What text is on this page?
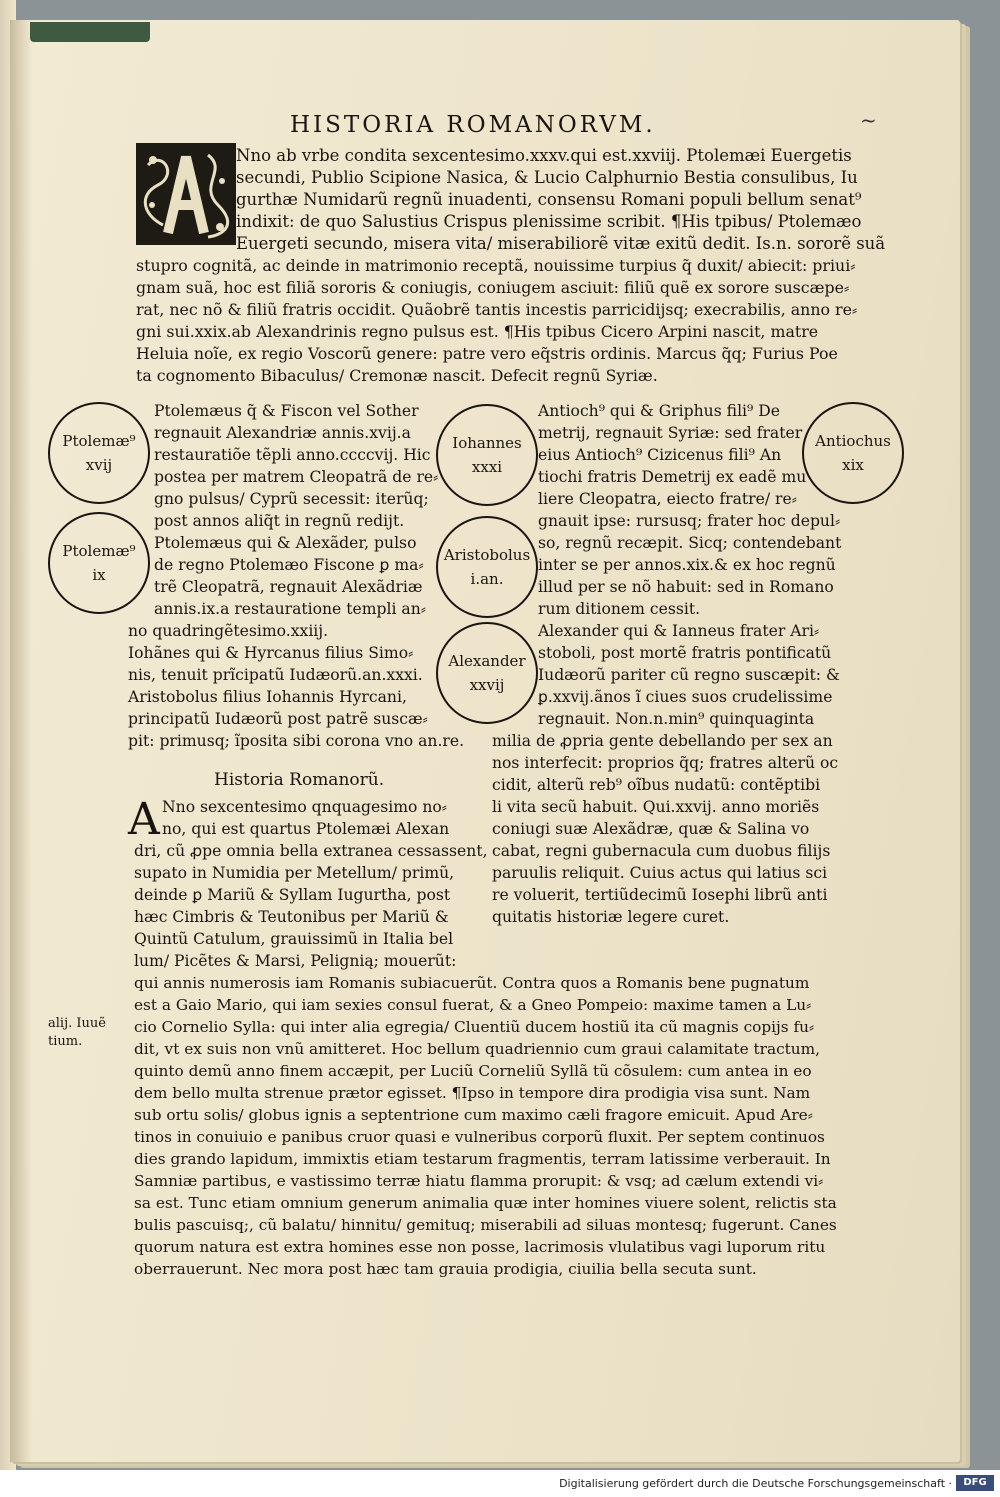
HISTORIA ROMANORVM.	~
Nno ab vrbe condita sexcentesimo.xxxv.qui est.xxviij. Ptolemæi Euergetis
secundi, Publio Scipione Nasica, & Lucio Calphurnio Bestia consulibus, Iu
gurthæ Numidarũ regnũ inuadenti, consensu Romani populi bellum senat⁹
indixit: de quo Salustius Crispus plenissime scribit. ¶His tpibus/ Ptolemæo
Euergeti secundo, misera vita/ miserabiliorẽ vitæ exitũ dedit. Is.n. sororẽ suã
stupro cognitã, ac deinde in matrimonio receptã, nouissime turpius q̃ duxit/ abiecit: priui⸗
gnam suã, hoc est filiã sororis & coniugis, coniugem asciuit: filiũ quẽ ex sorore suscæpe⸗
rat, nec nõ & filiũ fratris occidit. Quãobrẽ tantis incestis parricidijsq; execrabilis, anno re⸗
gni sui.xxix.ab Alexandrinis regno pulsus est. ¶His tpibus Cicero Arpini nascit, matre
Heluia noĩe, ex regio Voscorũ genere: patre vero eq̃stris ordinis. Marcus q̃q; Furius Poe
ta cognomento Bibaculus/ Cremonæ nascit. Defecit regnũ Syriæ.
Ptolemæ⁹
xvij
Ptolemæ⁹
ix
Iohannes
xxxi
Aristobolus
i.an.
Alexander
xxvij
Antiochus
xix
Ptolemæus q̃ & Fiscon vel Sother
regnauit Alexandriæ annis.xvij.a
restauratiõe tẽpli anno.ccccvij. Hic
postea per matrem Cleopatrã de re⸗
gno pulsus/ Cyprũ secessit: iterũq;
post annos aliq̃t in regnũ redijt.
Ptolemæus qui & Alexãder, pulso
de regno Ptolemæo Fiscone ꝑ ma⸗
trẽ Cleopatrã, regnauit Alexãdriæ
annis.ix.a restauratione templi an⸗
no quadringẽtesimo.xxiij.
Iohãnes qui & Hyrcanus filius Simo⸗
nis, tenuit prĩcipatũ Iudæorũ.an.xxxi.
Aristobolus filius Iohannis Hyrcani,
principatũ Iudæorũ post patrẽ suscæ⸗
pit: primusq; ĩposita sibi corona vno an.re.
Antioch⁹ qui & Griphus fili⁹ De
metrij, regnauit Syriæ: sed frater
eius Antioch⁹ Cizicenus fili⁹ An
tiochi fratris Demetrij ex eadẽ mu
liere Cleopatra, eiecto fratre/ re⸗
gnauit ipse: rursusq; frater hoc depul⸗
so, regnũ recæpit. Sicq; contendebant
inter se per annos.xix.& ex hoc regnũ
illud per se nõ habuit: sed in Romano
rum ditionem cessit.
Alexander qui & Ianneus frater Ari⸗
stoboli, post mortẽ fratris pontificatũ
Iudæorũ pariter cũ regno suscæpit: &
ꝑ.xxvij.ãnos ĩ ciues suos crudelissime
regnauit. Non.n.min⁹ quinquaginta
milia de ꝓpria gente debellando per sex an
nos interfecit: proprios q̃q; fratres alterũ oc
cidit, alterũ reb⁹ oĩbus nudatũ: contẽptibi
li vita secũ habuit. Qui.xxvij. anno moriẽs
coniugi suæ Alexãdræ, quæ & Salina vo
cabat, regni gubernacula cum duobus filijs
paruulis reliquit. Cuius actus qui latius sci
re voluerit, tertiũdecimũ Iosephi librũ anti
quitatis historiæ legere curet.
Historia Romanorũ.
A Nno sexcentesimo qnquagesimo no⸗
no, qui est quartus Ptolemæi Alexan
dri, cũ ꝓpe omnia bella extranea cessassent,
supato in Numidia per Metellum/ primũ,
deinde ꝑ Mariũ & Syllam Iugurtha, post
hæc Cimbris & Teutonibus per Mariũ &
Quintũ Catulum, grauissimũ in Italia bel
lum/ Picẽtes & Marsi, Pelignią; mouerũt:
qui annis numerosis iam Romanis subiacuerũt. Contra quos a Romanis bene pugnatum
est a Gaio Mario, qui iam sexies consul fuerat, & a Gneo Pompeio: maxime tamen a Lu⸗
cio Cornelio Sylla: qui inter alia egregia/ Cluentiũ ducem hostiũ ita cũ magnis copijs fu⸗
dit, vt ex suis non vnũ amitteret. Hoc bellum quadriennio cum graui calamitate tractum,
quinto demũ anno finem accæpit, per Luciũ Corneliũ Syllã tũ cõsulem: cum antea in eo
dem bello multa strenue prætor egisset. ¶Ipso in tempore dira prodigia visa sunt. Nam
sub ortu solis/ globus ignis a septentrione cum maximo cæli fragore emicuit. Apud Are⸗
tinos in conuiuio e panibus cruor quasi e vulneribus corporũ fluxit. Per septem continuos
dies grando lapidum, immixtis etiam testarum fragmentis, terram latissime verberauit. In
Samniæ partibus, e vastissimo terræ hiatu flamma prorupit: & vsq; ad cælum extendi vi⸗
sa est. Tunc etiam omnium generum animalia quæ inter homines viuere solent, relictis sta
bulis pascuisq;, cũ balatu/ hinnitu/ gemituq; miserabili ad siluas montesq; fugerunt. Canes
quorum natura est extra homines esse non posse, lacrimosis vlulatibus vagi luporum ritu
oberrauerunt. Nec mora post hæc tam grauia prodigia, ciuilia bella secuta sunt.
alij. Iuuẽ
tium.
Digitalisierung gefördert durch die Deutsche Forschungsgemeinschaft ·	DFG
